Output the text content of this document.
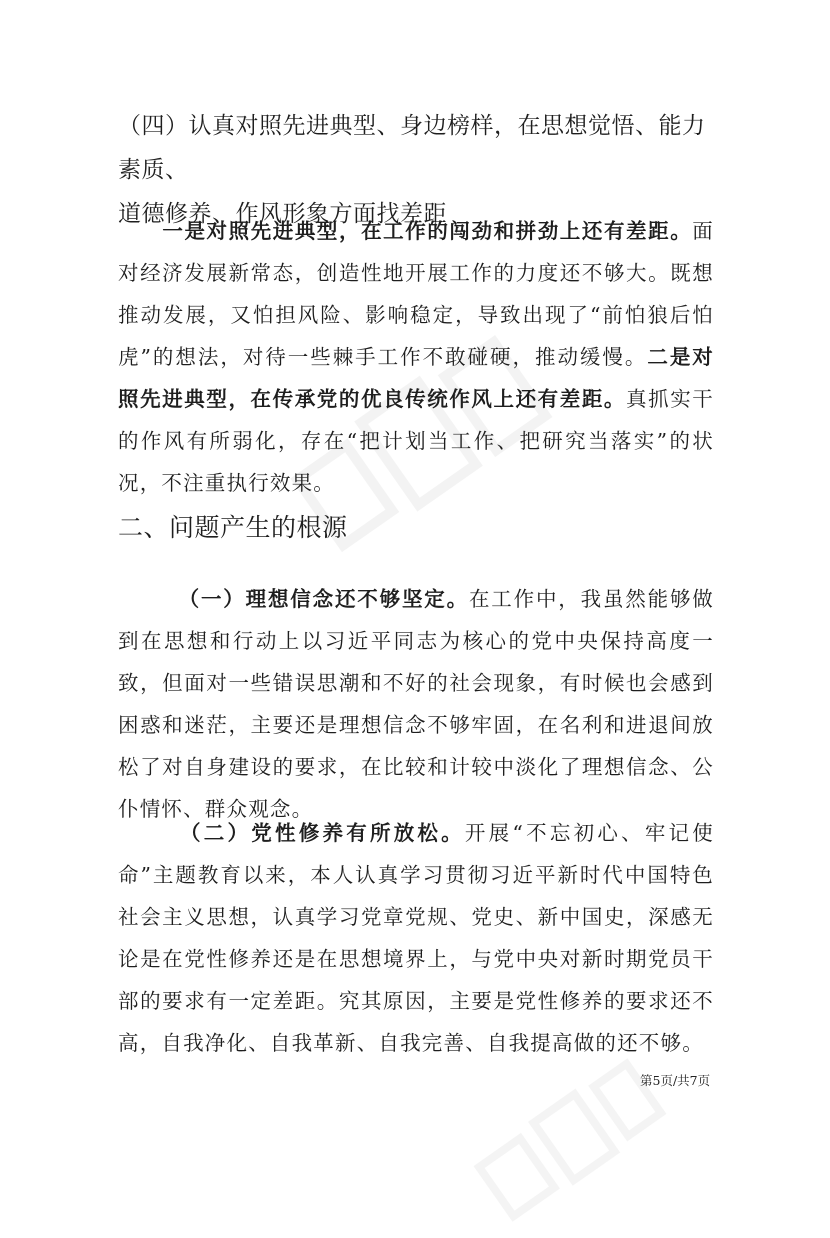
（四）认真对照先进典型、身边榜样，在思想觉悟、能力素质、
道德修养、作风形象方面找差距
一是对照先进典型，在工作的闯劲和拼劲上还有差距。面对经济发展新常态，创造性地开展工作的力度还不够大。既想推动发展，又怕担风险、影响稳定，导致出现了“前怕狼后怕虎”的想法，对待一些棘手工作不敢碰硬，推动缓慢。二是对照先进典型，在传承党的优良传统作风上还有差距。真抓实干的作风有所弱化，存在“把计划当工作、把研究当落实”的状况，不注重执行效果。
二、问题产生的根源
（一）理想信念还不够坚定。在工作中，我虽然能够做到在思想和行动上以习近平同志为核心的党中央保持高度一致，但面对一些错误思潮和不好的社会现象，有时候也会感到困惑和迷茫，主要还是理想信念不够牢固，在名利和进退间放松了对自身建设的要求，在比较和计较中淡化了理想信念、公仆情怀、群众观念。
（二）党性修养有所放松。开展“不忘初心、牢记使命”主题教育以来，本人认真学习贯彻习近平新时代中国特色社会主义思想，认真学习党章党规、党史、新中国史，深感无论是在党性修养还是在思想境界上，与党中央对新时期党员干部的要求有一定差距。究其原因，主要是党性修养的要求还不高，自我净化、自我革新、自我完善、自我提高做的还不够。
第5页/共7页
